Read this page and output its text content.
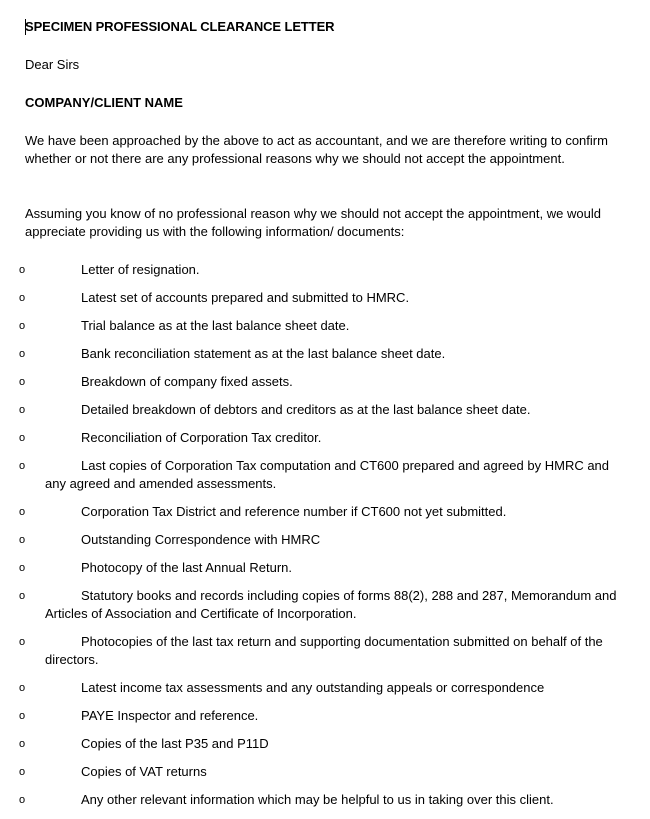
SPECIMEN PROFESSIONAL CLEARANCE LETTER
Dear Sirs
COMPANY/CLIENT NAME
We have been approached by the above to act as accountant, and we are therefore writing to confirm whether or not there are any professional reasons why we should not accept the appointment.
Assuming you know of no professional reason why we should not accept the appointment, we would appreciate providing us with the following information/ documents:
o	Letter of resignation.
o	Latest set of accounts prepared and submitted to HMRC.
o	Trial balance as at the last balance sheet date.
o	Bank reconciliation statement as at the last balance sheet date.
o	Breakdown of company fixed assets.
o	Detailed breakdown of debtors and creditors as at the last balance sheet date.
o	Reconciliation of Corporation Tax creditor.
o	Last copies of Corporation Tax computation and CT600 prepared and agreed by HMRC and any agreed and amended assessments.
o	Corporation Tax District and reference number if CT600 not yet submitted.
o	Outstanding Correspondence with HMRC
o	Photocopy of the last Annual Return.
o	Statutory books and records including copies of forms 88(2), 288 and 287, Memorandum and Articles of Association and Certificate of Incorporation.
o	Photocopies of the last tax return and supporting documentation submitted on behalf of the directors.
o	Latest income tax assessments and any outstanding appeals or correspondence
o	PAYE Inspector and reference.
o	Copies of the last P35 and P11D
o	Copies of VAT returns
o	Any other relevant information which may be helpful to us in taking over this client.
